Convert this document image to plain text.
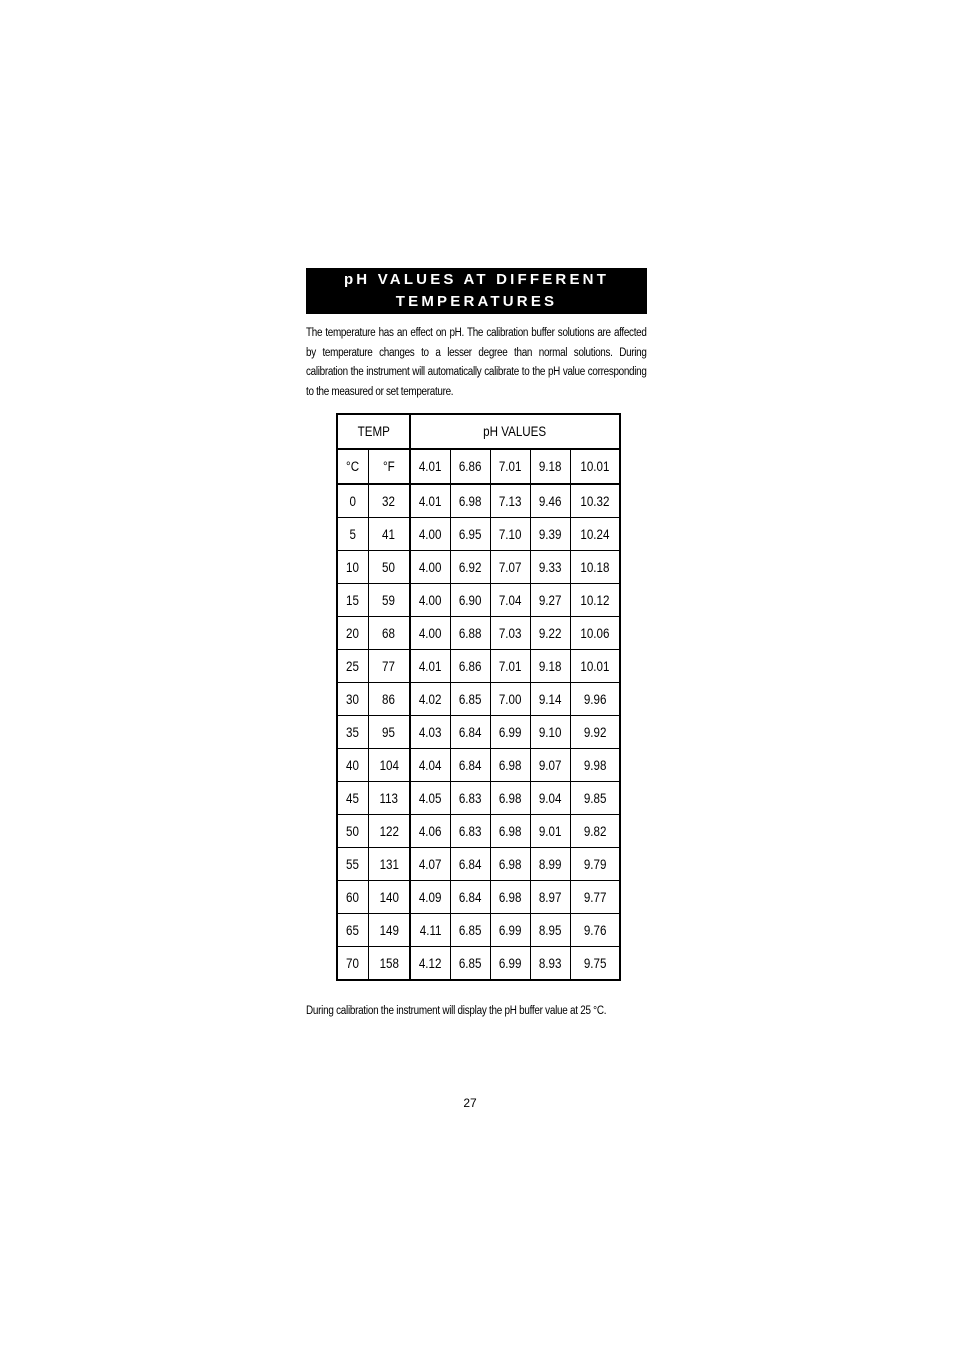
pH VALUES AT DIFFERENT
TEMPERATURES
The temperature has an effect on pH. The calibration buffer solutions are affected by temperature changes to a lesser degree than normal solutions. During calibration the instrument will automatically calibrate to the pH value corresponding to the measured or set temperature.
TEMP		pH VALUES				
°C	°F	4.01	6.86	7.01	9.18	10.01
0	32	4.01	6.98	7.13	9.46	10.32
5	41	4.00	6.95	7.10	9.39	10.24
10	50	4.00	6.92	7.07	9.33	10.18
15	59	4.00	6.90	7.04	9.27	10.12
20	68	4.00	6.88	7.03	9.22	10.06
25	77	4.01	6.86	7.01	9.18	10.01
30	86	4.02	6.85	7.00	9.14	9.96
35	95	4.03	6.84	6.99	9.10	9.92
40	104	4.04	6.84	6.98	9.07	9.98
45	113	4.05	6.83	6.98	9.04	9.85
50	122	4.06	6.83	6.98	9.01	9.82
55	131	4.07	6.84	6.98	8.99	9.79
60	140	4.09	6.84	6.98	8.97	9.77
65	149	4.11	6.85	6.99	8.95	9.76
70	158	4.12	6.85	6.99	8.93	9.75
During calibration the instrument will display the pH buffer value at 25 °C.
27
